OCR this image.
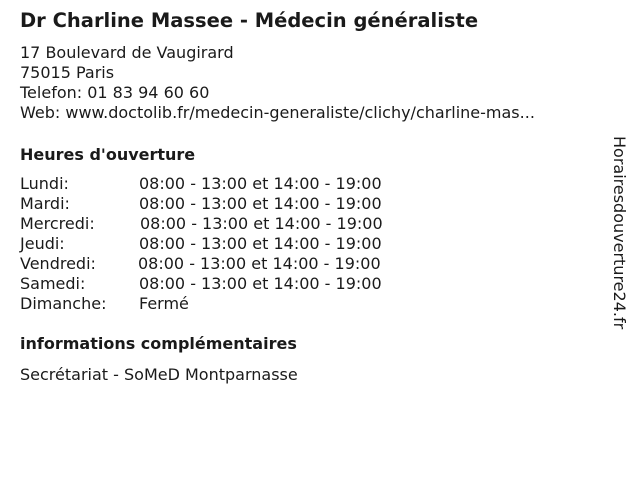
Dr Charline Massee - Médecin généraliste
17 Boulevard de Vaugirard
75015 Paris
Telefon: 01 83 94 60 60
Web: www.doctolib.fr/medecin-generaliste/clichy/charline-mas...
Heures d'ouverture
Lundi:	08:00 - 13:00 et 14:00 - 19:00
Mardi:	08:00 - 13:00 et 14:00 - 19:00
Mercredi:	08:00 - 13:00 et 14:00 - 19:00
Jeudi:	08:00 - 13:00 et 14:00 - 19:00
Vendredi:	08:00 - 13:00 et 14:00 - 19:00
Samedi:	08:00 - 13:00 et 14:00 - 19:00
Dimanche: Fermé
informations complémentaires
Secrétariat - SoMeD Montparnasse
Horairesdouverture24.fr
